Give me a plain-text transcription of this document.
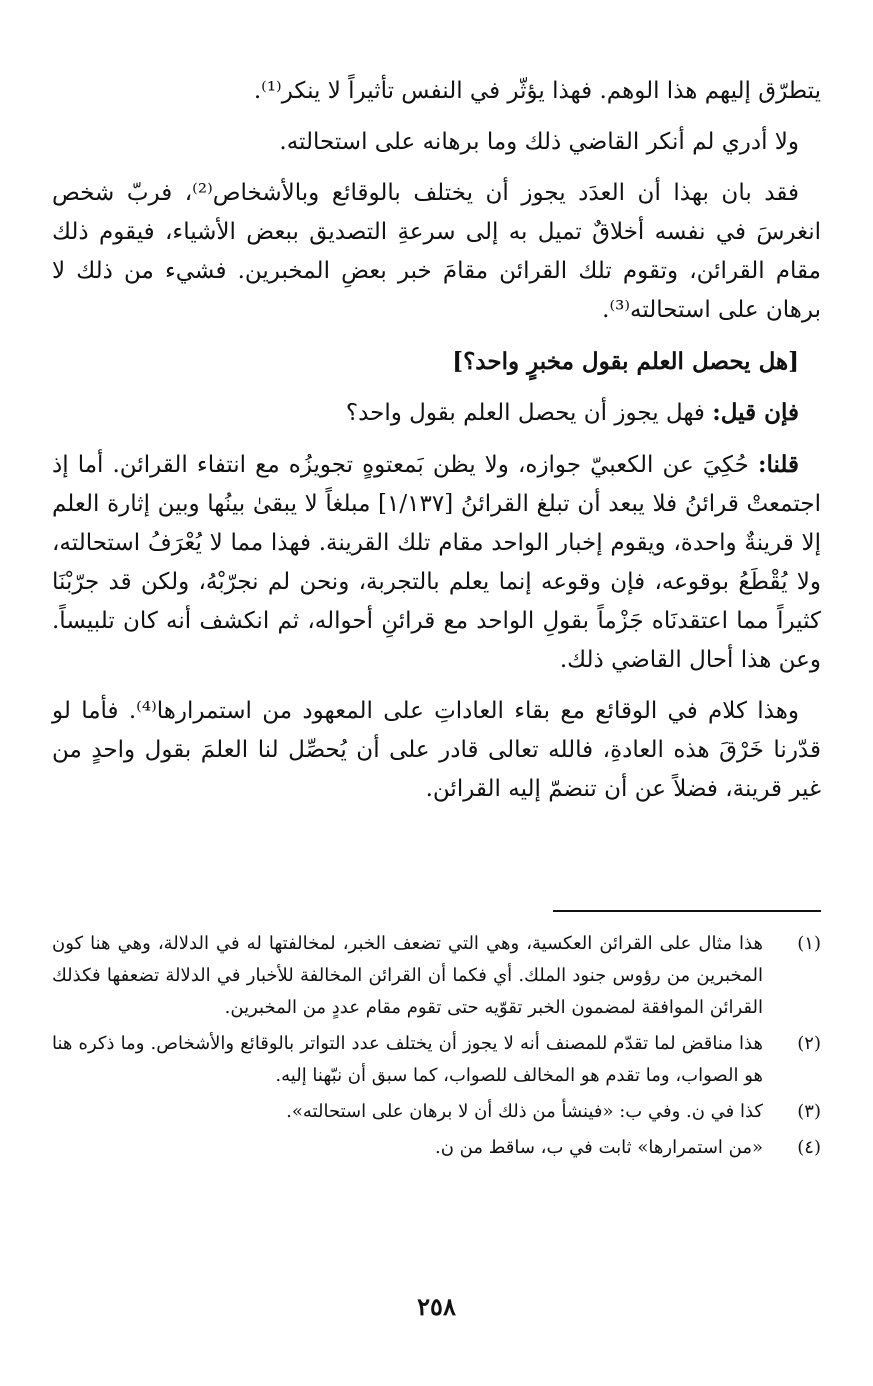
يتطرّق إليهم هذا الوهم. فهذا يؤثّر في النفس تأثيراً لا ينكر⁽¹⁾.

ولا أدري لم أنكر القاضي ذلك وما برهانه على استحالته.

فقد بان بهذا أن العدَد يجوز أن يختلف بالوقائع وبالأشخاص⁽²⁾، فربّ شخص انغرسَ في نفسه أخلاقٌ تميل به إلى سرعةِ التصديق ببعض الأشياء، فيقوم ذلك مقام القرائن، وتقوم تلك القرائن مقامَ خبر بعضِ المخبرين. فشيء من ذلك لا برهان على استحالته⁽³⁾.

[هل يحصل العلم بقول مخبرٍ واحد؟]

فإن قيل: فهل يجوز أن يحصل العلم بقول واحد؟

قلنا: حُكِيَ عن الكعبيّ جوازه، ولا يظن بَمعتوهٍ تجويزُه مع انتفاء القرائن. أما إذ اجتمعتْ قرائنُ فلا يبعد أن تبلغ القرائنُ [١/١٣٧] مبلغاً لا يبقىٰ بينُها وبين إثارة العلم إلا قرينةٌ واحدة، ويقوم إخبار الواحد مقام تلك القرينة. فهذا مما لا يُعْرَفُ استحالته، ولا يُقْطَعُ بوقوعه، فإن وقوعه إنما يعلم بالتجربة، ونحن لم نجرّبْهُ، ولكن قد جرّبْنَا كثيراً مما اعتقدنَاه جَزْماً بقولِ الواحد مع قرائنِ أحواله، ثم انكشف أنه كان تلبيساً. وعن هذا أحال القاضي ذلك.

وهذا كلام في الوقائع مع بقاء العاداتِ على المعهود من استمرارها⁽⁴⁾. فأما لو قدّرنا خَرْقَ هذه العادةِ، فالله تعالى قادر على أن يُحصِّل لنا العلمَ بقول واحدٍ من غير قرينة، فضلاً عن أن تنضمّ إليه القرائن.

(١)
هذا مثال على القرائن العكسية، وهي التي تضعف الخبر، لمخالفتها له في الدلالة، وهي هنا كون المخبرين من رؤوس جنود الملك. أي فكما أن القرائن المخالفة للأخبار في الدلالة تضعفها فكذلك القرائن الموافقة لمضمون الخبر تقوّيه حتى تقوم مقام عددٍ من المخبرين.
(٢)
هذا مناقض لما تقدّم للمصنف أنه لا يجوز أن يختلف عدد التواتر بالوقائع والأشخاص. وما ذكره هنا هو الصواب، وما تقدم هو المخالف للصواب، كما سبق أن نبّهنا إليه.
(٣)
كذا في ن. وفي ب: «فينشأ من ذلك أن لا برهان على استحالته».
(٤)
«من استمرارها» ثابت في ب، ساقط من ن.
٢٥٨
